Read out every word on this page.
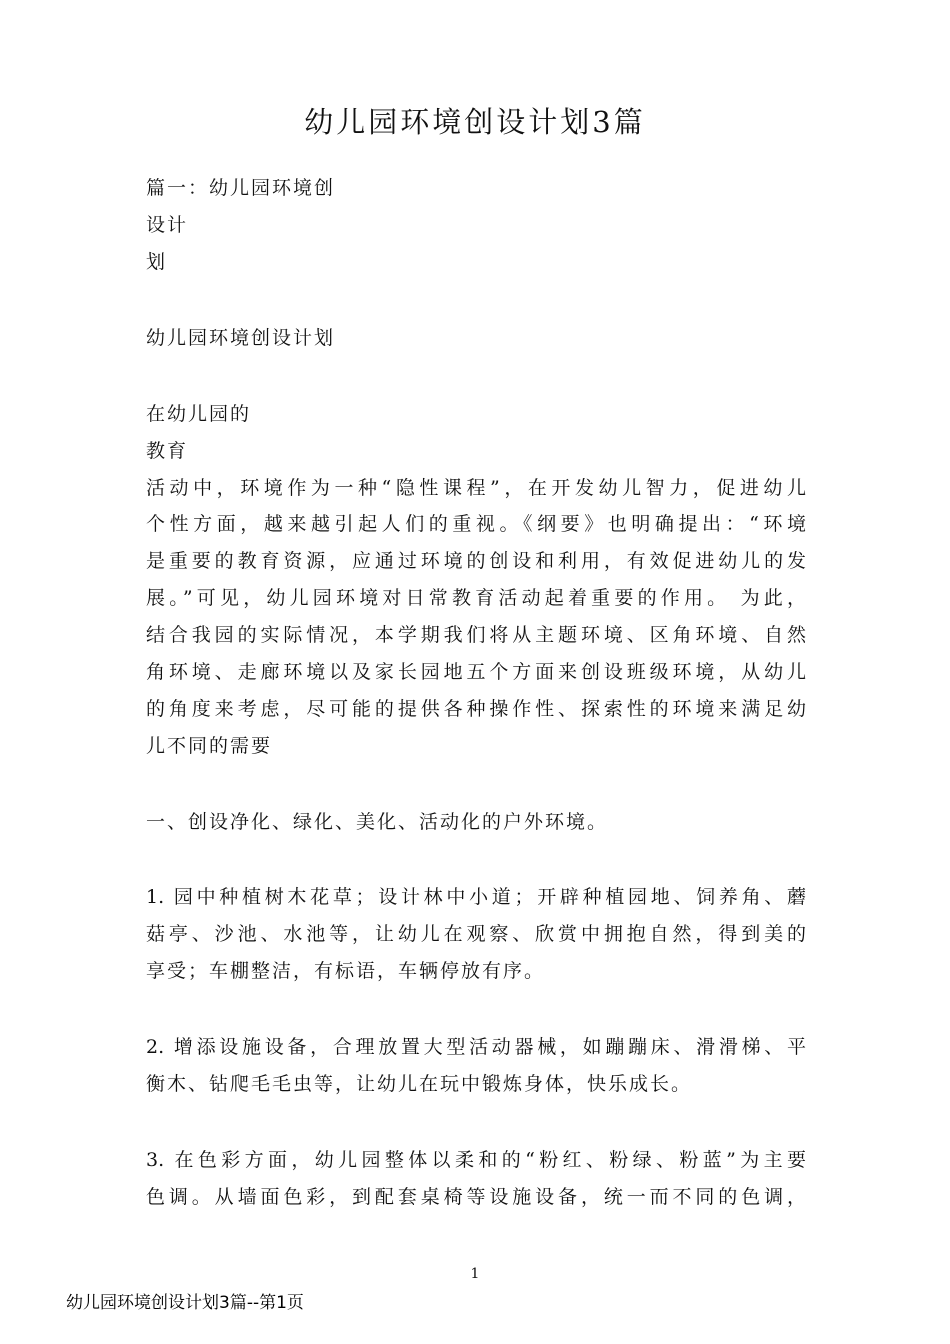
幼儿园环境创设计划3篇
篇一：幼儿园环境创
设计
划
幼儿园环境创设计划
在幼儿园的
教育
活动中，环境作为一种“隐性课程”，在开发幼儿智力，促进幼儿
个性方面，越来越引起人们的重视。《纲要》也明确提出：“环境
是重要的教育资源，应通过环境的创设和利用，有效促进幼儿的发
展。”可见，幼儿园环境对日常教育活动起着重要的作用。 为此，
结合我园的实际情况，本学期我们将从主题环境、区角环境、自然
角环境、走廊环境以及家长园地五个方面来创设班级环境，从幼儿
的角度来考虑，尽可能的提供各种操作性、探索性的环境来满足幼
儿不同的需要
一、创设净化、绿化、美化、活动化的户外环境。
1. 园中种植树木花草；设计林中小道；开辟种植园地、饲养角、蘑
菇亭、沙池、水池等，让幼儿在观察、欣赏中拥抱自然，得到美的
享受；车棚整洁，有标语，车辆停放有序。
2. 增添设施设备，合理放置大型活动器械，如蹦蹦床、滑滑梯、平
衡木、钻爬毛毛虫等，让幼儿在玩中锻炼身体，快乐成长。
3. 在色彩方面，幼儿园整体以柔和的“粉红、粉绿、粉蓝”为主要
色调。从墙面色彩，到配套桌椅等设施设备，统一而不同的色调，
1
幼儿园环境创设计划3篇--第1页
